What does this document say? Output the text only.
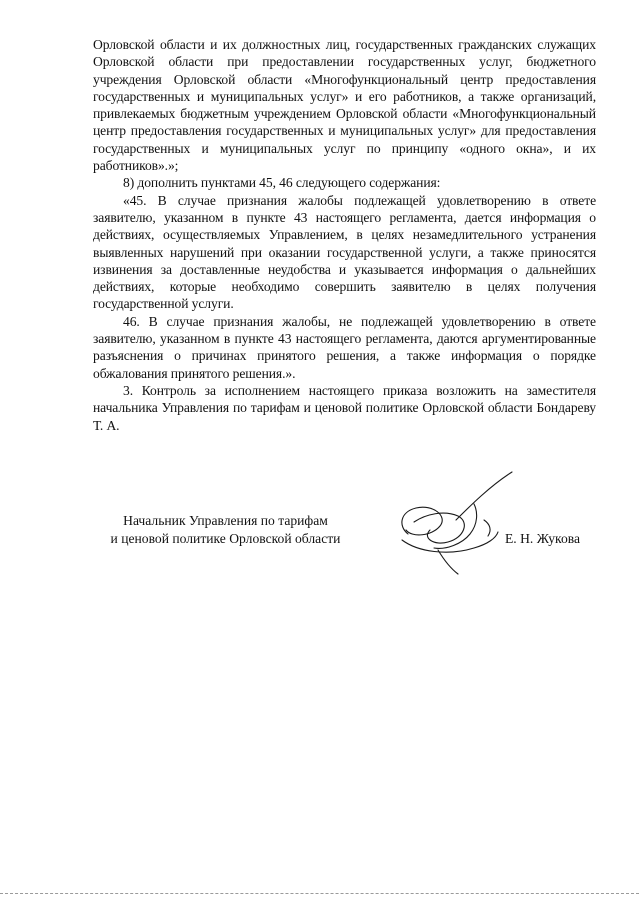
Орловской области и их должностных лиц, государственных гражданских служащих Орловской области при предоставлении государственных услуг, бюджетного учреждения Орловской области «Многофункциональный центр предоставления государственных и муниципальных услуг» и его работников, а также организаций, привлекаемых бюджетным учреждением Орловской области «Многофункциональный центр предоставления государственных и муниципальных услуг» для предоставления государственных и муниципальных услуг по принципу «одного окна», и их работников».»;

8) дополнить пунктами 45, 46 следующего содержания:

«45. В случае признания жалобы подлежащей удовлетворению в ответе заявителю, указанном в пункте 43 настоящего регламента, дается информация о действиях, осуществляемых Управлением, в целях незамедлительного устранения выявленных нарушений при оказании государственной услуги, а также приносятся извинения за доставленные неудобства и указывается информация о дальнейших действиях, которые необходимо совершить заявителю в целях получения государственной услуги.

46. В случае признания жалобы, не подлежащей удовлетворению в ответе заявителю, указанном в пункте 43 настоящего регламента, даются аргументированные разъяснения о причинах принятого решения, а также информация о порядке обжалования принятого решения.».

3. Контроль за исполнением настоящего приказа возложить на заместителя начальника Управления по тарифам и ценовой политике Орловской области Бондареву Т. А.

Начальник Управления по тарифам
и ценовой политике Орловской области	Е. Н. Жукова
